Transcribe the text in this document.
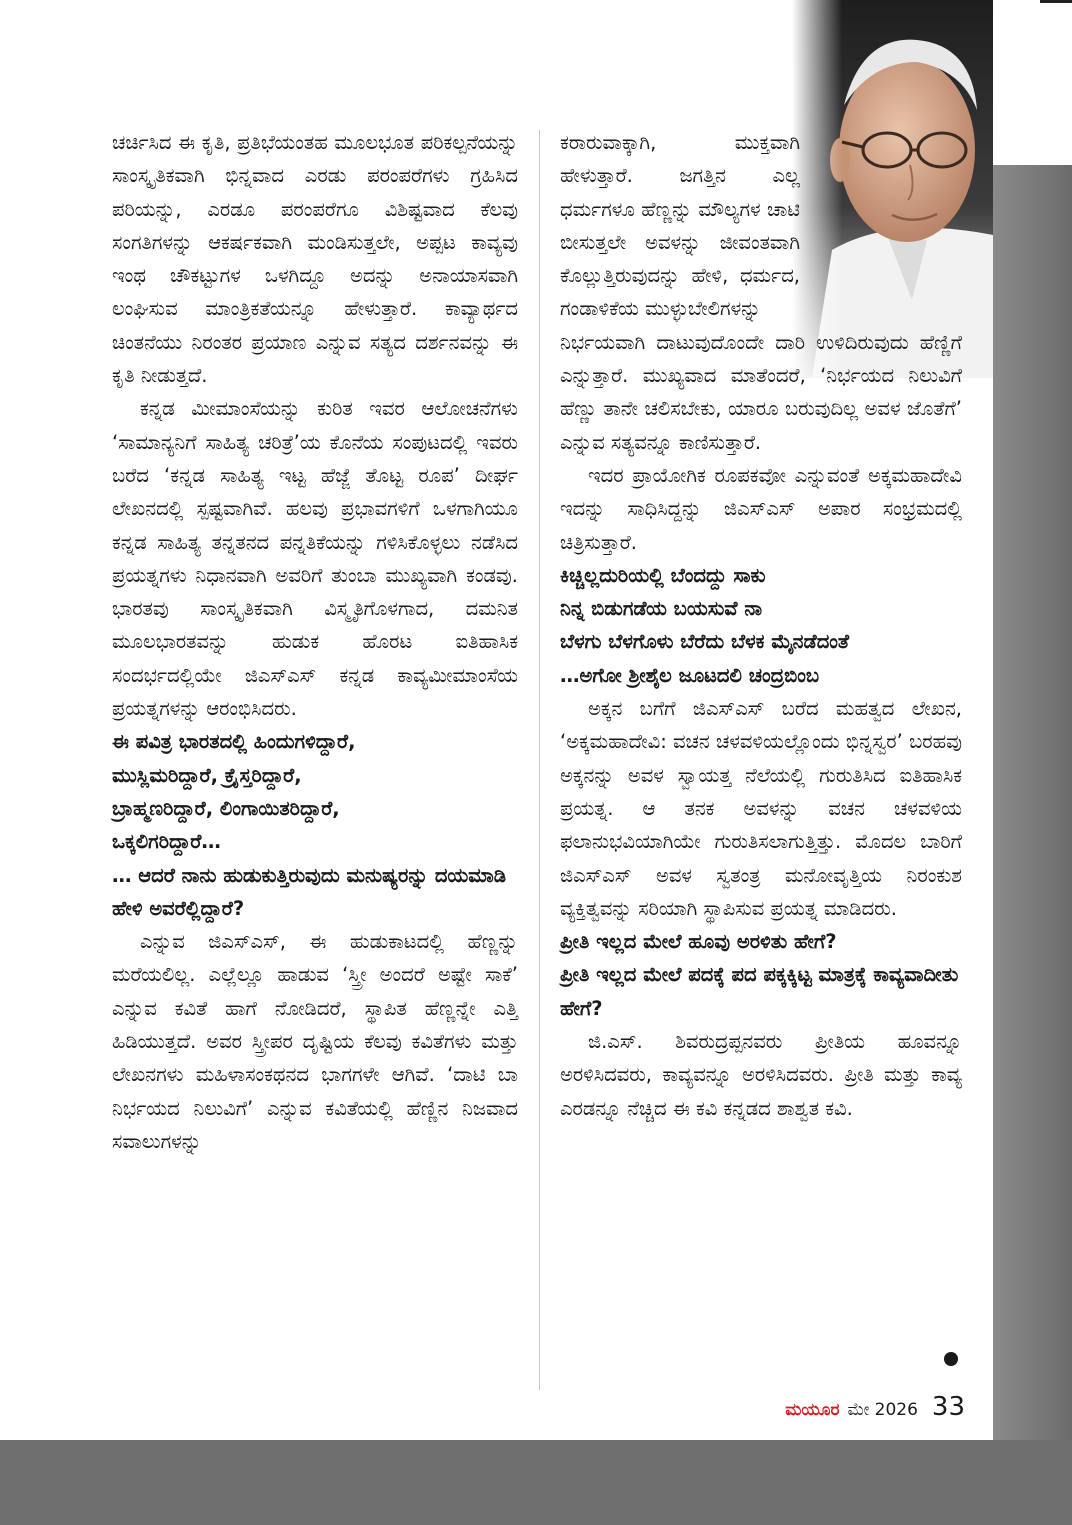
ಚರ್ಚಿಸಿದ ಈ ಕೃತಿ, ಪ್ರತಿಭೆಯಂತಹ ಮೂಲಭೂತ ಪರಿಕಲ್ಪನೆಯನ್ನು ಸಾಂಸ್ಕೃತಿಕವಾಗಿ ಭಿನ್ನವಾದ ಎರಡು ಪರಂಪರೆಗಳು ಗ್ರಹಿಸಿದ ಪರಿಯನ್ನು, ಎರಡೂ ಪರಂಪರೆಗೂ ವಿಶಿಷ್ಟವಾದ ಕೆಲವು ಸಂಗತಿಗಳನ್ನು ಆಕರ್ಷಕವಾಗಿ ಮಂಡಿಸುತ್ತಲೇ, ಅಪ್ಪಟ ಕಾವ್ಯವು ಇಂಥ ಚೌಕಟ್ಟುಗಳ ಒಳಗಿದ್ದೂ ಅದನ್ನು ಅನಾಯಾಸವಾಗಿ ಲಂಘಿಸುವ ಮಾಂತ್ರಿಕತೆಯನ್ನೂ ಹೇಳುತ್ತಾರೆ. ಕಾವ್ಯಾರ್ಥದ ಚಿಂತನೆಯು ನಿರಂತರ ಪ್ರಯಾಣ ಎನ್ನುವ ಸತ್ಯದ ದರ್ಶನವನ್ನು ಈ ಕೃತಿ ನೀಡುತ್ತದೆ.

ಕನ್ನಡ ಮೀಮಾಂಸೆಯನ್ನು ಕುರಿತ ಇವರ ಆಲೋಚನೆಗಳು ‘ಸಾಮಾನ್ಯನಿಗೆ ಸಾಹಿತ್ಯ ಚರಿತ್ರೆ’ಯ ಕೊನೆಯ ಸಂಪುಟದಲ್ಲಿ ಇವರು ಬರೆದ ‘ಕನ್ನಡ ಸಾಹಿತ್ಯ ಇಟ್ಟ ಹೆಜ್ಜೆ ತೊಟ್ಟ ರೂಪ’ ದೀರ್ಘ ಲೇಖನದಲ್ಲಿ ಸ್ಪಷ್ಟವಾಗಿವೆ. ಹಲವು ಪ್ರಭಾವಗಳಿಗೆ ಒಳಗಾಗಿಯೂ ಕನ್ನಡ ಸಾಹಿತ್ಯ ತನ್ನತನದ ಪನ್ನತಿಕೆಯನ್ನು ಗಳಿಸಿಕೊಳ್ಳಲು ನಡೆಸಿದ ಪ್ರಯತ್ನಗಳು ನಿಧಾನವಾಗಿ ಅವರಿಗೆ ತುಂಬಾ ಮುಖ್ಯವಾಗಿ ಕಂಡವು. ಭಾರತವು ಸಾಂಸ್ಕೃತಿಕವಾಗಿ ವಿಸ್ಮೃತಿಗೊಳಗಾದ, ದಮನಿತ ಮೂಲಭಾರತವನ್ನು ಹುಡುಕ ಹೊರಟ ಐತಿಹಾಸಿಕ ಸಂದರ್ಭದಲ್ಲಿಯೇ ಜಿಎಸ್‌ಎಸ್ ಕನ್ನಡ ಕಾವ್ಯಮೀಮಾಂಸೆಯ ಪ್ರಯತ್ನಗಳನ್ನು ಆರಂಭಿಸಿದರು.

ಈ ಪವಿತ್ರ ಭಾರತದಲ್ಲಿ ಹಿಂದುಗಳಿದ್ದಾರೆ,

ಮುಸ್ಲಿಮರಿದ್ದಾರೆ, ಕ್ರೈಸ್ತರಿದ್ದಾರೆ,

ಬ್ರಾಹ್ಮಣರಿದ್ದಾರೆ, ಲಿಂಗಾಯಿತರಿದ್ದಾರೆ,

ಒಕ್ಕಲಿಗರಿದ್ದಾರೆ…

… ಆದರೆ ನಾನು ಹುಡುಕುತ್ತಿರುವುದು ಮನುಷ್ಯರನ್ನು ದಯಮಾಡಿ ಹೇಳಿ ಅವರೆಲ್ಲಿದ್ದಾರೆ?

ಎನ್ನುವ ಜಿಎಸ್‌ಎಸ್, ಈ ಹುಡುಕಾಟದಲ್ಲಿ ಹೆಣ್ಣನ್ನು ಮರೆಯಲಿಲ್ಲ. ಎಲ್ಲೆಲ್ಲೂ ಹಾಡುವ ‘ಸ್ತ್ರೀ ಅಂದರೆ ಅಷ್ಟೇ ಸಾಕೆ’ ಎನ್ನುವ ಕವಿತೆ ಹಾಗೆ ನೋಡಿದರೆ, ಸ್ಥಾಪಿತ ಹೆಣ್ಣನ್ನೇ ಎತ್ತಿ ಹಿಡಿಯುತ್ತದೆ. ಅವರ ಸ್ತ್ರೀಪರ ದೃಷ್ಟಿಯ ಕೆಲವು ಕವಿತೆಗಳು ಮತ್ತು ಲೇಖನಗಳು ಮಹಿಳಾಸಂಕಥನದ ಭಾಗಗಳೇ ಆಗಿವೆ. ‘ದಾಟಿ ಬಾ ನಿರ್ಭಯದ ನಿಲುವಿಗೆ’ ಎನ್ನುವ ಕವಿತೆಯಲ್ಲಿ ಹೆಣ್ಣಿನ ನಿಜವಾದ ಸವಾಲುಗಳನ್ನು

ಕರಾರುವಾಕ್ಕಾಗಿ, ಮುಕ್ತವಾಗಿ ಹೇಳುತ್ತಾರೆ. ಜಗತ್ತಿನ ಎಲ್ಲ ಧರ್ಮಗಳೂ ಹೆಣ್ಣನ್ನು ಮೌಲ್ಯಗಳ ಚಾಟಿ ಬೀಸುತ್ತಲೇ ಅವಳನ್ನು ಜೀವಂತವಾಗಿ ಕೊಲ್ಲುತ್ತಿರುವುದನ್ನು ಹೇಳಿ, ಧರ್ಮದ, ಗಂಡಾಳಿಕೆಯ ಮುಳ್ಳುಬೇಲಿಗಳನ್ನು

ನಿರ್ಭಯವಾಗಿ ದಾಟುವುದೊಂದೇ ದಾರಿ ಉಳಿದಿರುವುದು ಹೆಣ್ಣಿಗೆ ಎನ್ನುತ್ತಾರೆ. ಮುಖ್ಯವಾದ ಮಾತೆಂದರೆ, ‘ನಿರ್ಭಯದ ನಿಲುವಿಗೆ ಹೆಣ್ಣು ತಾನೇ ಚಲಿಸಬೇಕು, ಯಾರೂ ಬರುವುದಿಲ್ಲ ಅವಳ ಜೊತೆಗೆ’ ಎನ್ನುವ ಸತ್ಯವನ್ನೂ ಕಾಣಿಸುತ್ತಾರೆ.

ಇದರ ಪ್ರಾಯೋಗಿಕ ರೂಪಕವೋ ಎನ್ನುವಂತೆ ಅಕ್ಕಮಹಾದೇವಿ ಇದನ್ನು ಸಾಧಿಸಿದ್ದನ್ನು ಜಿಎಸ್‌ಎಸ್ ಅಪಾರ ಸಂಭ್ರಮದಲ್ಲಿ ಚಿತ್ರಿಸುತ್ತಾರೆ.

ಕಿಚ್ಚಿಲ್ಲದುರಿಯಲ್ಲಿ ಬೆಂದದ್ದು ಸಾಕು

ನಿನ್ನ ಬಿಡುಗಡೆಯ ಬಯಸುವೆ ನಾ

ಬೆಳಗು ಬೆಳಗೊಳು ಬೆರೆದು ಬೆಳಕ ಮೈನಡೆದಂತೆ

…ಅಗೋ ಶ್ರೀಶೈಲ ಜೂಟದಲಿ ಚಂದ್ರಬಿಂಬ

ಅಕ್ಕನ ಬಗೆಗೆ ಜಿಎಸ್‌ಎಸ್ ಬರೆದ ಮಹತ್ವದ ಲೇಖನ, ‘ಅಕ್ಕಮಹಾದೇವಿ: ವಚನ ಚಳವಳಿಯಲ್ಲೊಂದು ಭಿನ್ನಸ್ವರ’ ಬರಹವು ಅಕ್ಕನನ್ನು ಅವಳ ಸ್ವಾಯತ್ತ ನೆಲೆಯಲ್ಲಿ ಗುರುತಿಸಿದ ಐತಿಹಾಸಿಕ ಪ್ರಯತ್ನ. ಆ ತನಕ ಅವಳನ್ನು ವಚನ ಚಳವಳಿಯ ಫಲಾನುಭವಿಯಾಗಿಯೇ ಗುರುತಿಸಲಾಗುತ್ತಿತ್ತು. ಮೊದಲ ಬಾರಿಗೆ ಜಿಎಸ್‌ಎಸ್ ಅವಳ ಸ್ವತಂತ್ರ ಮನೋವೃತ್ತಿಯ ನಿರಂಕುಶ ವ್ಯಕ್ತಿತ್ವವನ್ನು ಸರಿಯಾಗಿ ಸ್ಥಾಪಿಸುವ ಪ್ರಯತ್ನ ಮಾಡಿದರು.

ಪ್ರೀತಿ ಇಲ್ಲದ ಮೇಲೆ ಹೂವು ಅರಳಿತು ಹೇಗೆ?

ಪ್ರೀತಿ ಇಲ್ಲದ ಮೇಲೆ ಪದಕ್ಕೆ ಪದ ಪಕ್ಕಕ್ಕಿಟ್ಟ ಮಾತ್ರಕ್ಕೆ ಕಾವ್ಯವಾದೀತು ಹೇಗೆ?

ಜಿ.ಎಸ್. ಶಿವರುದ್ರಪ್ಪನವರು ಪ್ರೀತಿಯ ಹೂವನ್ನೂ ಅರಳಿಸಿದವರು, ಕಾವ್ಯವನ್ನೂ ಅರಳಿಸಿದವರು. ಪ್ರೀತಿ ಮತ್ತು ಕಾವ್ಯ ಎರಡನ್ನೂ ನೆಚ್ಚಿದ ಈ ಕವಿ ಕನ್ನಡದ ಶಾಶ್ವತ ಕವಿ.

ಮಯೂರ ಮೇ 2026 33
